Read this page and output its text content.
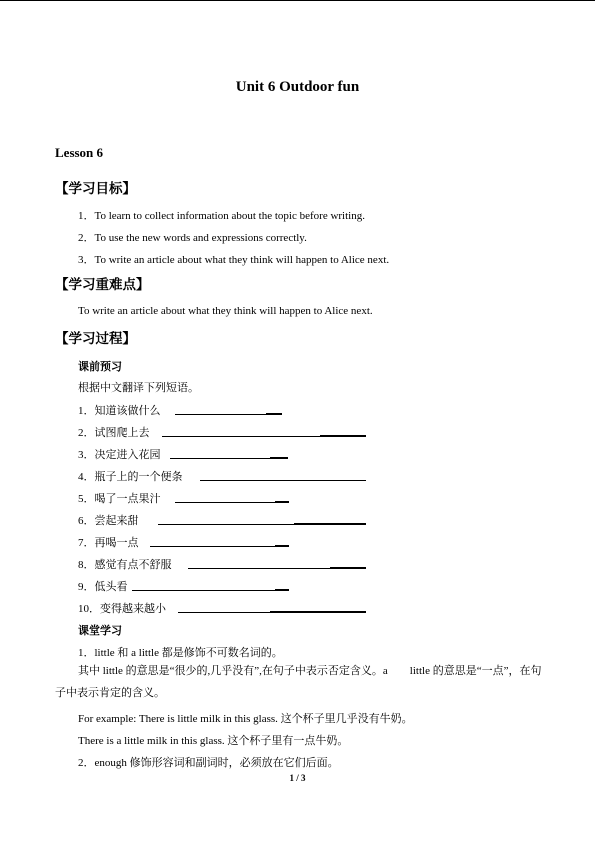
Unit 6 Outdoor fun
Lesson 6
【学习目标】
1．To learn to collect information about the topic before writing.
2．To use the new words and expressions correctly.
3．To write an article about what they think will happen to Alice next.
【学习重难点】
To write an article about what they think will happen to Alice next.
【学习过程】
课前预习
根据中文翻译下列短语。
1．知道该做什么
2．试图爬上去
3．决定进入花园
4．瓶子上的一个便条
5．喝了一点果汁
6．尝起来甜
7．再喝一点
8．感觉有点不舒服
9．低头看
10．变得越来越小
课堂学习
1．little 和 a little 都是修饰不可数名词的。
其中 little 的意思是“很少的,几乎没有”,在句子中表示否定含义。a　　little 的意思是“一点”，在句子中表示肯定的含义。
For example: There is little milk in this glass. 这个杯子里几乎没有牛奶。
There is a little milk in this glass. 这个杯子里有一点牛奶。
2．enough 修饰形容词和副词时，必须放在它们后面。
1 / 3
